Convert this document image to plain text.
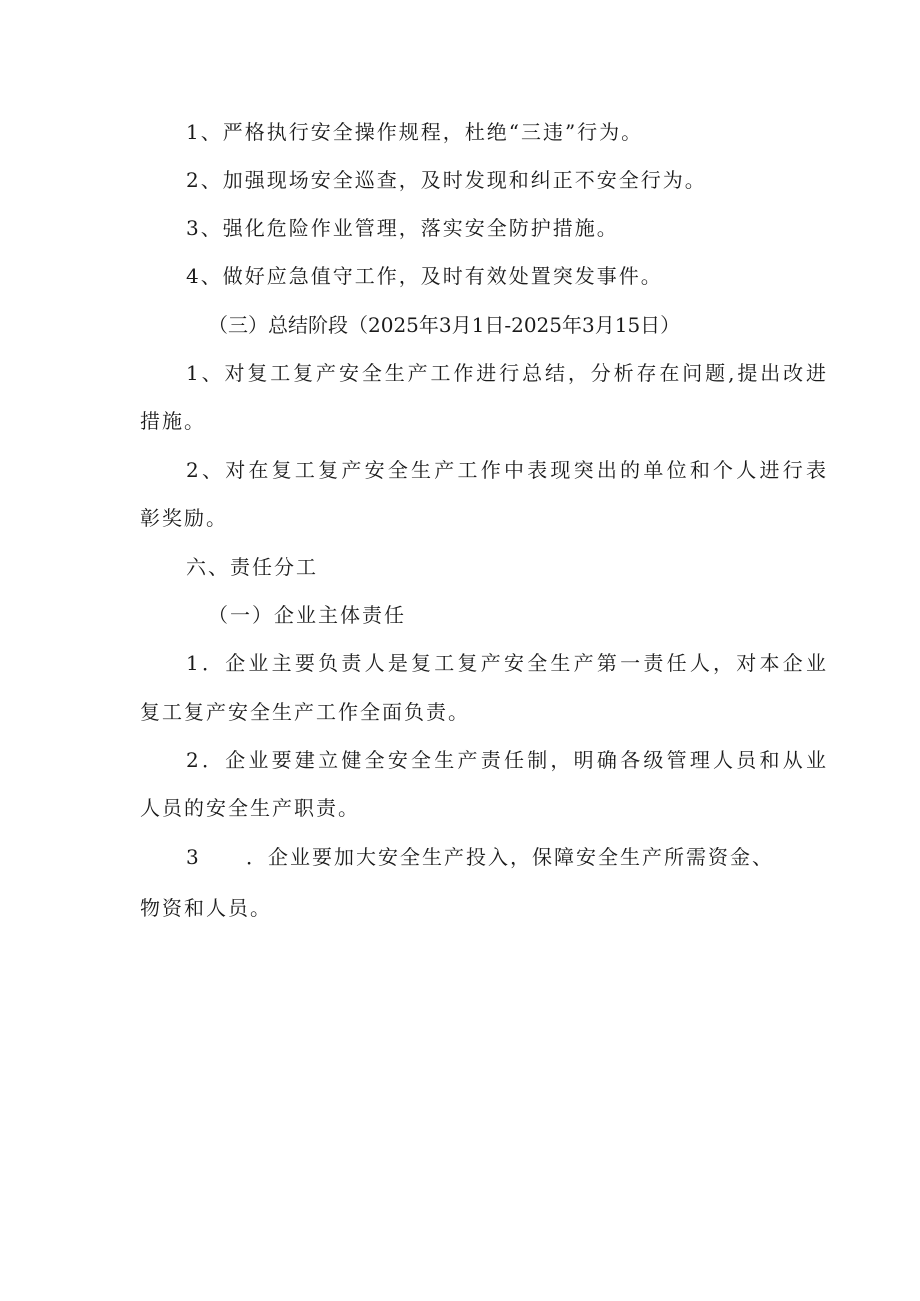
1、严格执行安全操作规程，杜绝“三违”行为。
2、加强现场安全巡查，及时发现和纠正不安全行为。
3、强化危险作业管理，落实安全防护措施。
4、做好应急值守工作，及时有效处置突发事件。
（三）总结阶段（2025年3月1日-2025年3月15日）
1、对复工复产安全生产工作进行总结，分析存在问题,提出改进
措施。
2、对在复工复产安全生产工作中表现突出的单位和个人进行表
彰奖励。
六、责任分工
（一）企业主体责任
1．企业主要负责人是复工复产安全生产第一责任人，对本企业
复工复产安全生产工作全面负责。
2．企业要建立健全安全生产责任制，明确各级管理人员和从业
人员的安全生产职责。
3 ．企业要加大安全生产投入，保障安全生产所需资金、
物资和人员。
